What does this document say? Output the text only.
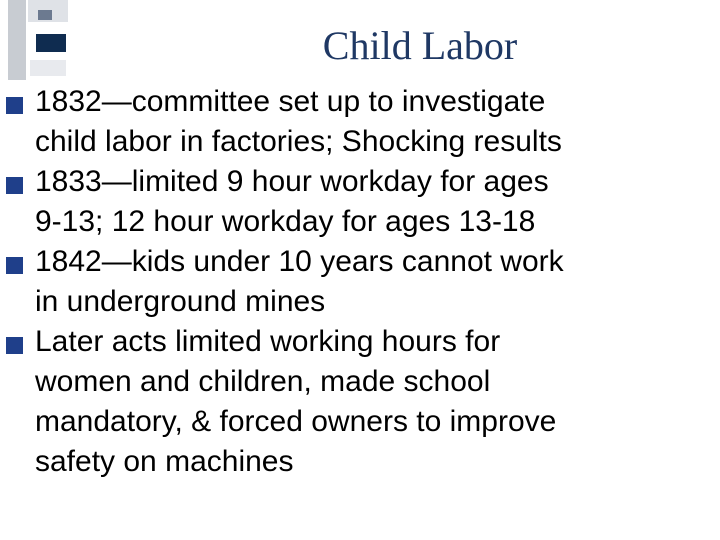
Child Labor
1832—committee set up to investigate
child labor in factories; Shocking results
1833—limited 9 hour workday for ages
9-13; 12 hour workday for ages 13-18
1842—kids under 10 years cannot work
in underground mines
Later acts limited working hours for
women and children, made school
mandatory, & forced owners to improve
safety on machines
